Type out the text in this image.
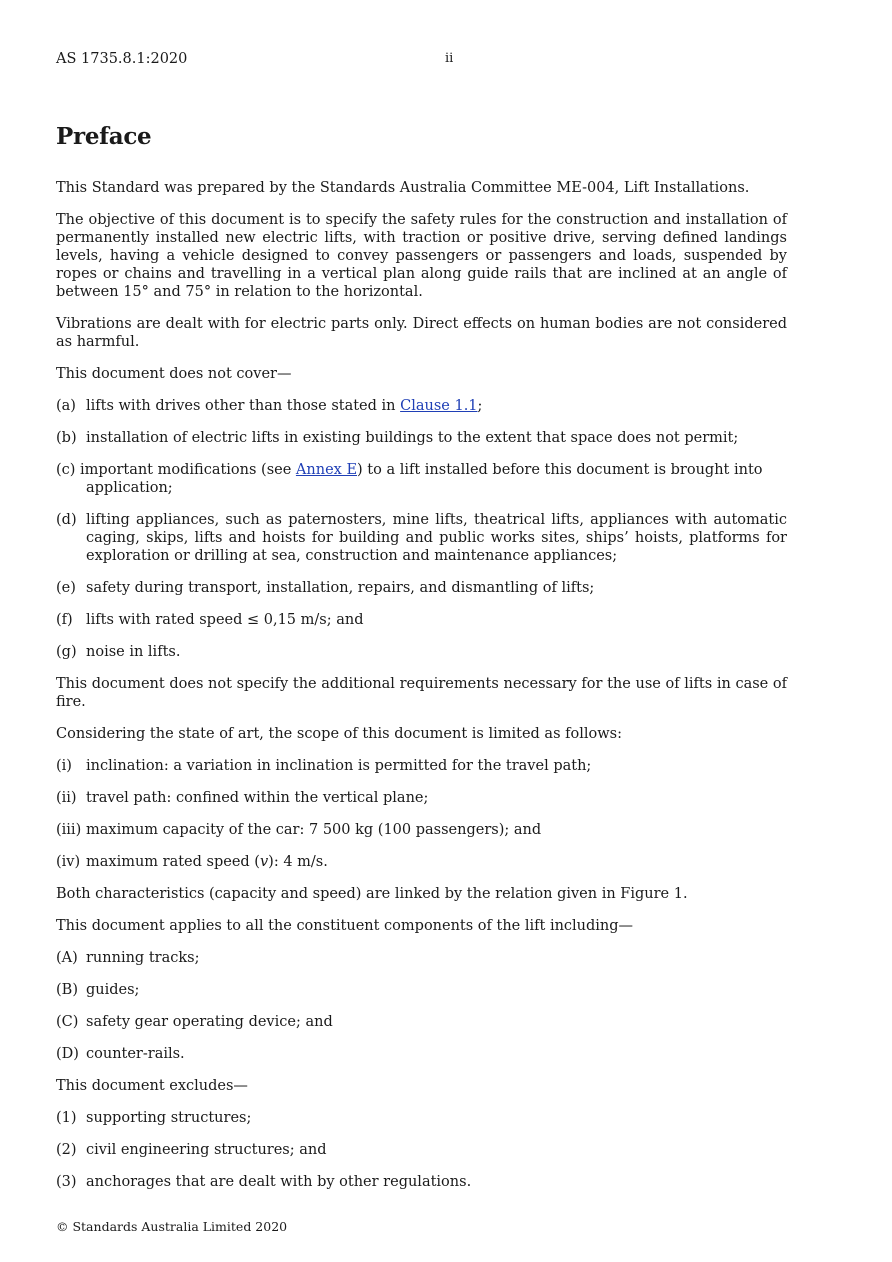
AS 1735.8.1:2020	ii
Preface

This Standard was prepared by the Standards Australia Committee ME-004, Lift Installations.

The objective of this document is to specify the safety rules for the construction and installation of permanently installed new electric lifts, with traction or positive drive, serving defined landings levels, having a vehicle designed to convey passengers or passengers and loads, suspended by ropes or chains and travelling in a vertical plan along guide rails that are inclined at an angle of between 15° and 75° in relation to the horizontal.

Vibrations are dealt with for electric parts only. Direct effects on human bodies are not considered as harmful.

This document does not cover—

(a) lifts with drives other than those stated in Clause 1.1;
(b) installation of electric lifts in existing buildings to the extent that space does not permit;
(c) important modifications (see Annex E) to a lift installed before this document is brought into application;
(d) lifting appliances, such as paternosters, mine lifts, theatrical lifts, appliances with automatic caging, skips, lifts and hoists for building and public works sites, ships’ hoists, platforms for exploration or drilling at sea, construction and maintenance appliances;
(e) safety during transport, installation, repairs, and dismantling of lifts;
(f) lifts with rated speed ≤ 0,15 m/s; and
(g) noise in lifts.

This document does not specify the additional requirements necessary for the use of lifts in case of fire.

Considering the state of art, the scope of this document is limited as follows:

(i) inclination: a variation in inclination is permitted for the travel path;
(ii) travel path: confined within the vertical plane;
(iii) maximum capacity of the car: 7 500 kg (100 passengers); and
(iv) maximum rated speed (v): 4 m/s.

Both characteristics (capacity and speed) are linked by the relation given in Figure 1.

This document applies to all the constituent components of the lift including—

(A) running tracks;
(B) guides;
(C) safety gear operating device; and
(D) counter-rails.

This document excludes—

(1) supporting structures;
(2) civil engineering structures; and
(3) anchorages that are dealt with by other regulations.
© Standards Australia Limited 2020
